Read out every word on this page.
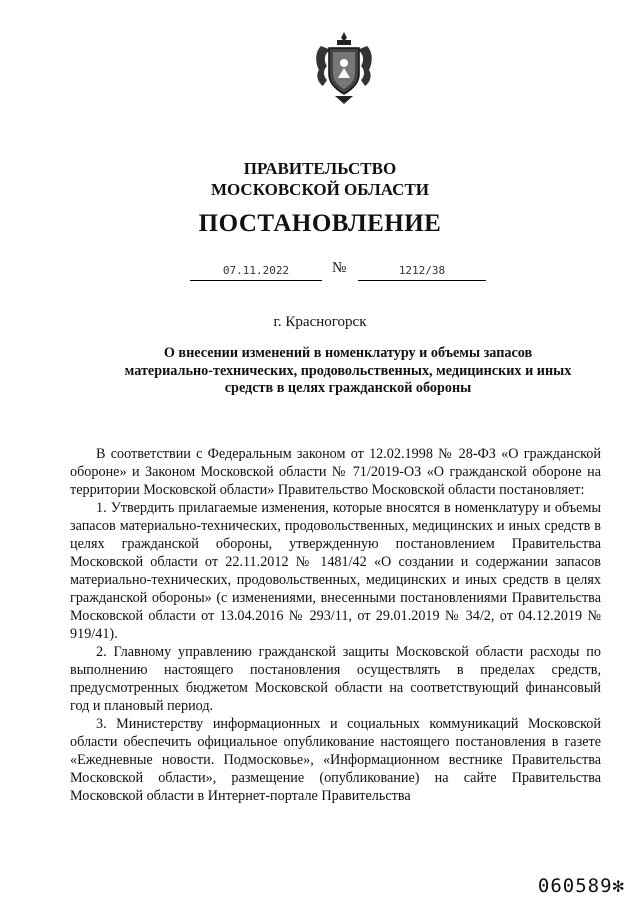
ПРАВИТЕЛЬСТВО
МОСКОВСКОЙ ОБЛАСТИ
ПОСТАНОВЛЕНИЕ
07.11.2022	№	1212/38
г. Красногорск
О внесении изменений в номенклатуру и объемы запасов
материально-технических, продовольственных, медицинских и иных
средств в целях гражданской обороны

В соответствии с Федеральным законом от 12.02.1998 № 28-ФЗ «О гражданской обороне» и Законом Московской области № 71/2019-ОЗ «О гражданской обороне на территории Московской области» Правительство Московской области постановляет:

1. Утвердить прилагаемые изменения, которые вносятся в номенклатуру и объемы запасов материально-технических, продовольственных, медицинских и иных средств в целях гражданской обороны, утвержденную постановлением Правительства Московской области от 22.11.2012 № 1481/42 «О создании и содержании запасов материально-технических, продовольственных, медицинских и иных средств в целях гражданской обороны» (с изменениями, внесенными постановлениями Правительства Московской области от 13.04.2016 № 293/11, от 29.01.2019 № 34/2, от 04.12.2019 № 919/41).

2. Главному управлению гражданской защиты Московской области расходы по выполнению настоящего постановления осуществлять в пределах средств, предусмотренных бюджетом Московской области на соответствующий финансовый год и плановый период.

3. Министерству информационных и социальных коммуникаций Московской области обеспечить официальное опубликование настоящего постановления в газете «Ежедневные новости. Подмосковье», «Информационном вестнике Правительства Московской области», размещение (опубликование) на сайте Правительства Московской области в Интернет-портале Правительства

060589✻
